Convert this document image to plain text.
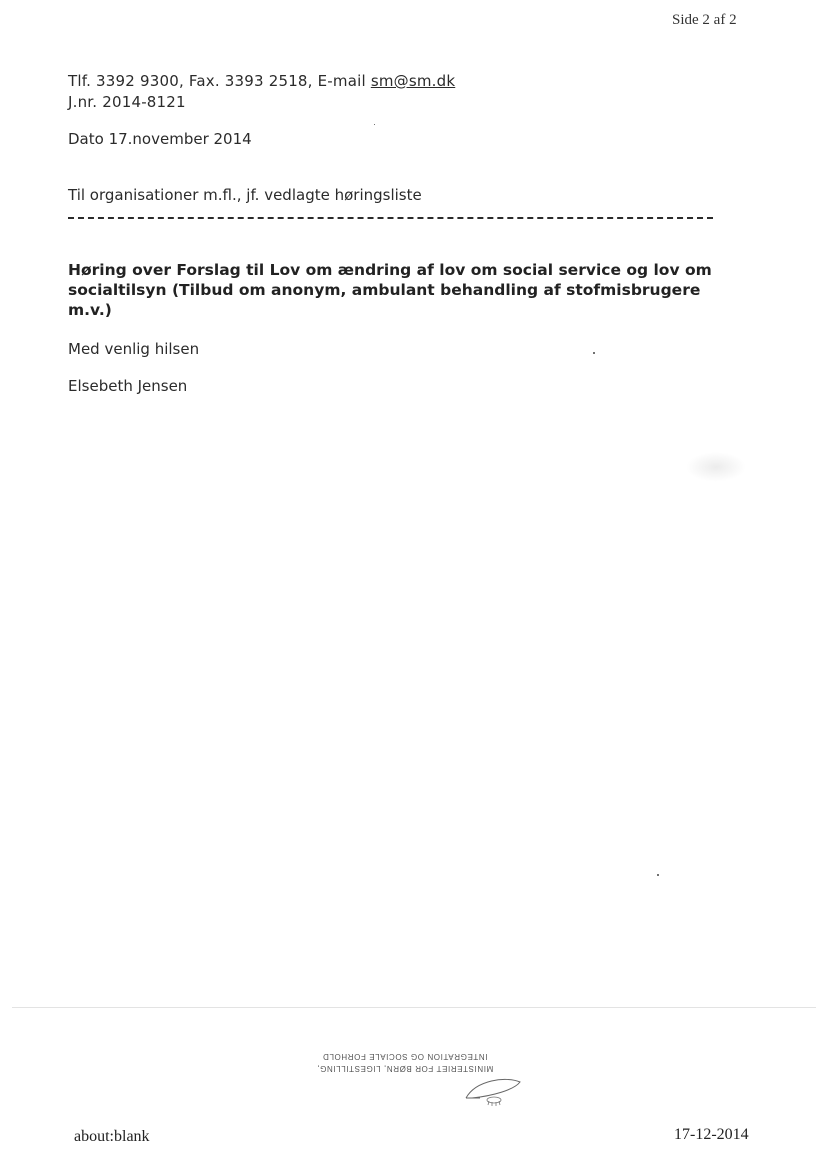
Side 2 af 2
Tlf. 3392 9300, Fax. 3393 2518, E-mail sm@sm.dk
J.nr. 2014-8121
Dato 17.november 2014
Til organisationer m.fl., jf. vedlagte høringsliste
Høring over Forslag til Lov om ændring af lov om social service og lov om socialtilsyn (Tilbud om anonym, ambulant behandling af stofmisbrugere m.v.)
Med venlig hilsen
Elsebeth Jensen
INTEGRATION OG SOCIALE FORHOLD
MINISTERIET FOR BØRN, LIGESTILLING,
about:blank	17-12-2014
